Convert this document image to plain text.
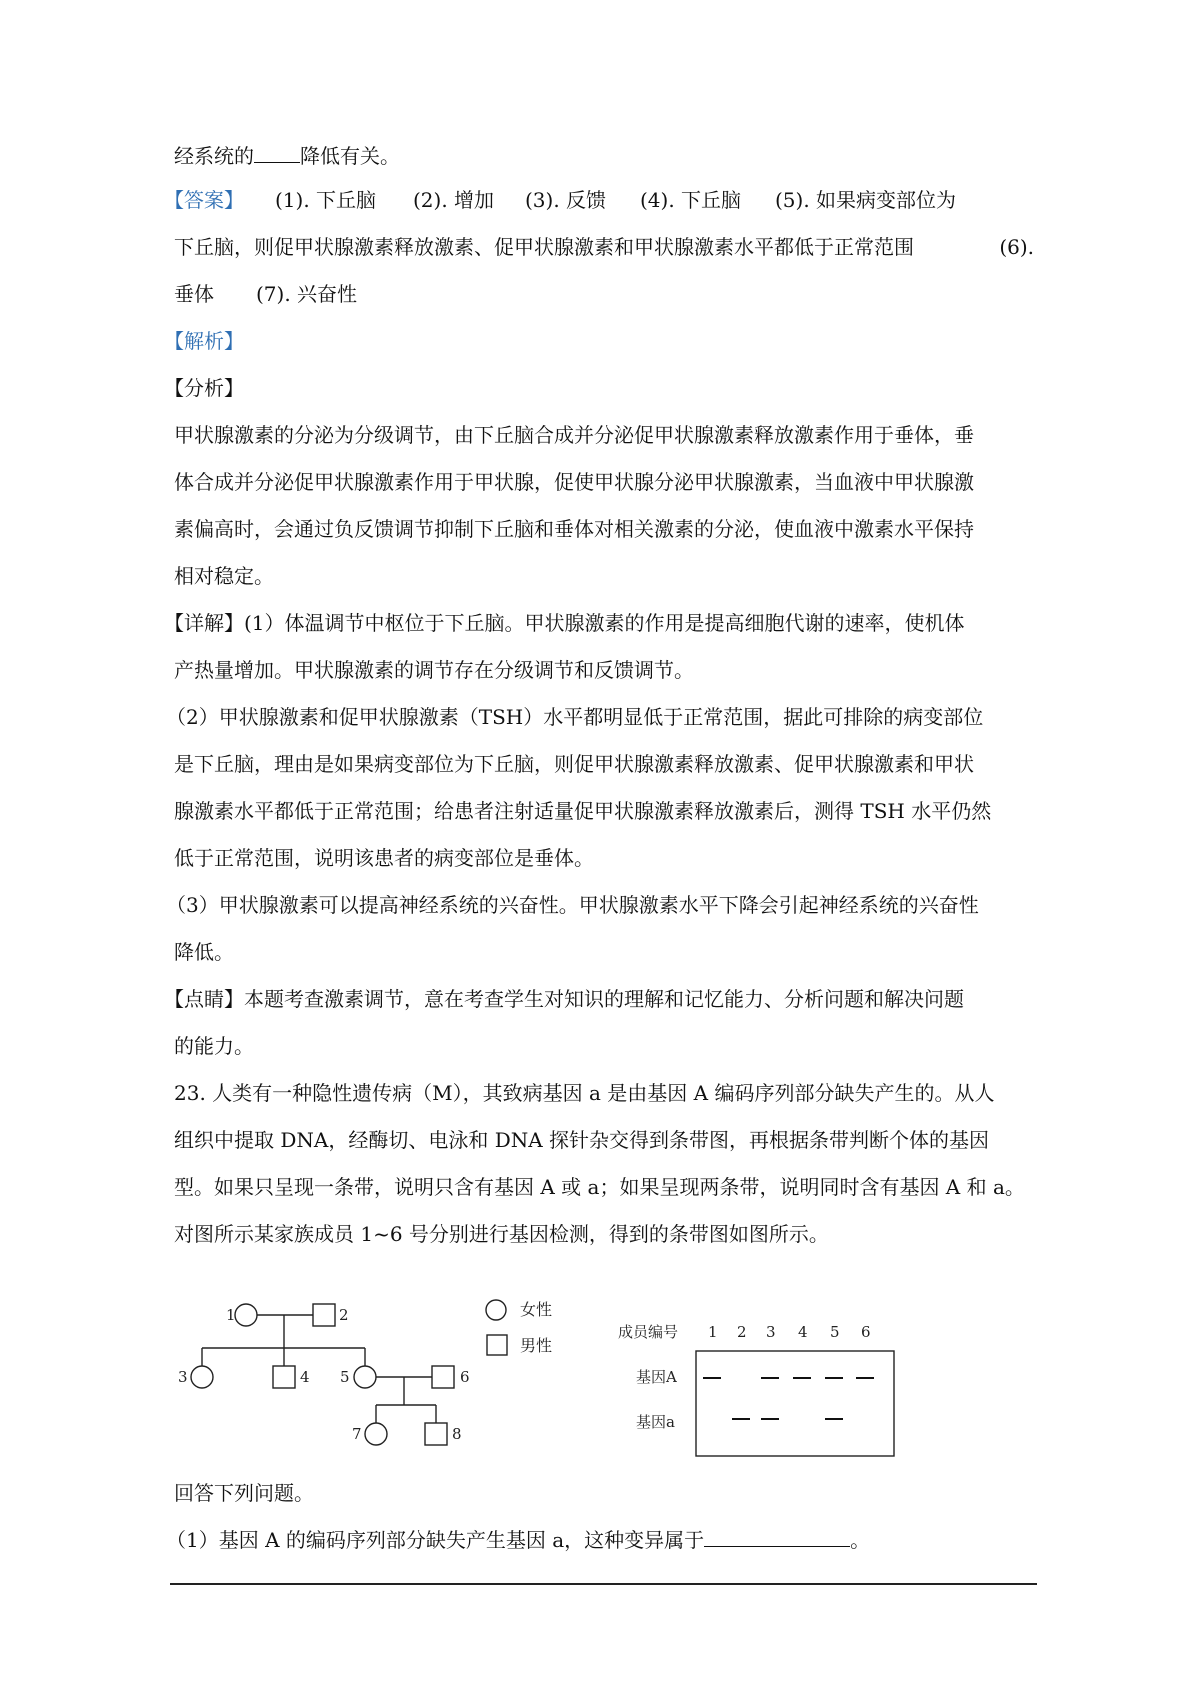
经系统的 降低有关。
【答案】 (1). 下丘脑 (2). 增加 (3). 反馈 (4). 下丘脑 (5). 如果病变部位为
下丘脑，则促甲状腺激素释放激素、促甲状腺激素和甲状腺激素水平都低于正常范围	(6).
垂体 (7). 兴奋性
【解析】
【分析】
甲状腺激素的分泌为分级调节，由下丘脑合成并分泌促甲状腺激素释放激素作用于垂体，垂
体合成并分泌促甲状腺激素作用于甲状腺，促使甲状腺分泌甲状腺激素，当血液中甲状腺激
素偏高时，会通过负反馈调节抑制下丘脑和垂体对相关激素的分泌，使血液中激素水平保持
相对稳定。
【详解】(1）体温调节中枢位于下丘脑。甲状腺激素的作用是提高细胞代谢的速率，使机体
产热量增加。甲状腺激素的调节存在分级调节和反馈调节。
（2）甲状腺激素和促甲状腺激素（TSH）水平都明显低于正常范围，据此可排除的病变部位
是下丘脑，理由是如果病变部位为下丘脑，则促甲状腺激素释放激素、促甲状腺激素和甲状
腺激素水平都低于正常范围；给患者注射适量促甲状腺激素释放激素后，测得 TSH 水平仍然
低于正常范围，说明该患者的病变部位是垂体。
（3）甲状腺激素可以提高神经系统的兴奋性。甲状腺激素水平下降会引起神经系统的兴奋性
降低。
【点睛】本题考查激素调节，意在考查学生对知识的理解和记忆能力、分析问题和解决问题
的能力。
23. 人类有一种隐性遗传病（M），其致病基因 a 是由基因 A 编码序列部分缺失产生的。从人
组织中提取 DNA，经酶切、电泳和 DNA 探针杂交得到条带图，再根据条带判断个体的基因
型。如果只呈现一条带，说明只含有基因 A 或 a；如果呈现两条带，说明同时含有基因 A 和 a。
对图所示某家族成员 1~6 号分别进行基因检测，得到的条带图如图所示。
回答下列问题。
（1）基因 A 的编码序列部分缺失产生基因 a，这种变异属于	。
1	2
3	4 5	6
7	8
女性
男性
成员编号 1 2 3 4 5 6
基因A
基因a
